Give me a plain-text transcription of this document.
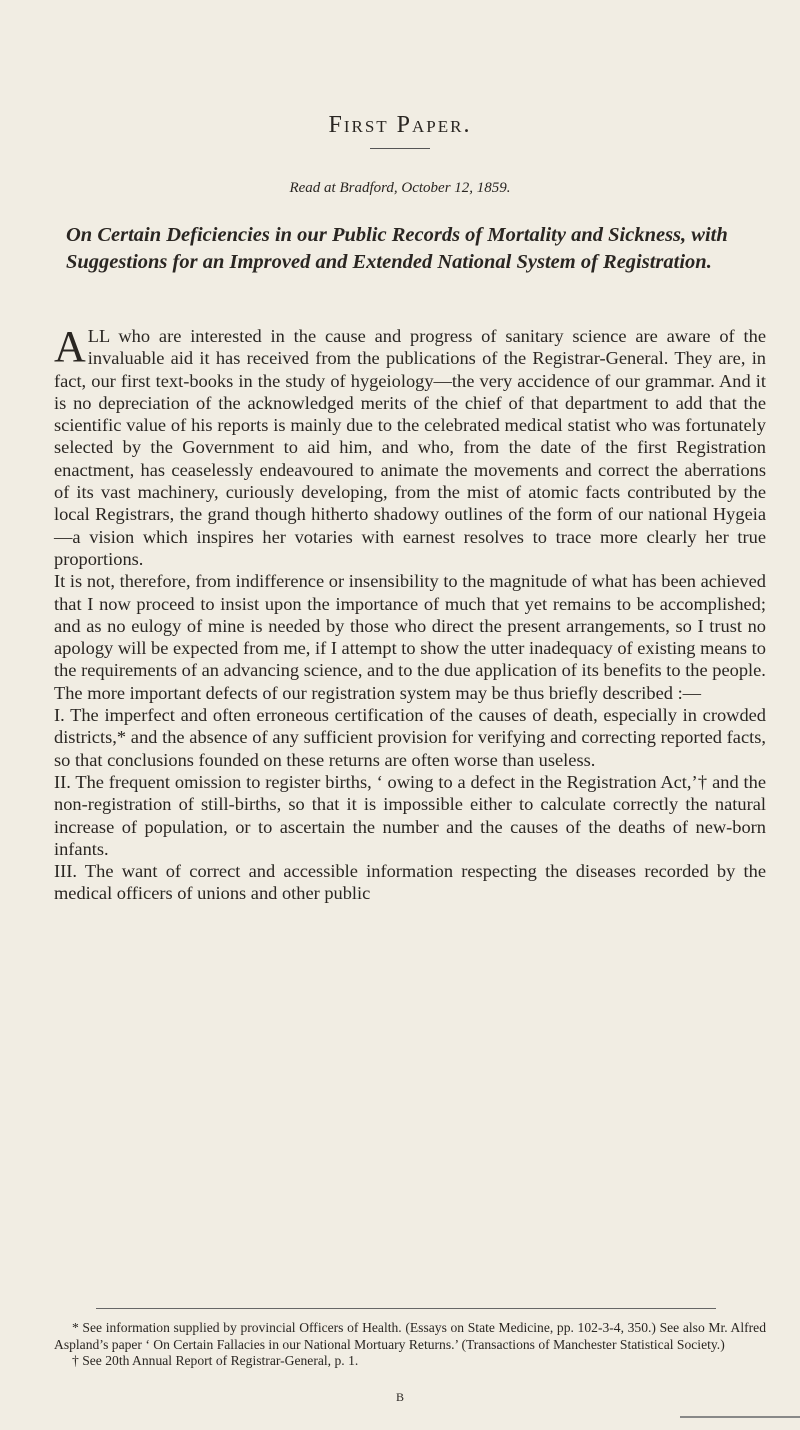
First Paper.
Read at Bradford, October 12, 1859.
On Certain Deficiencies in our Public Records of Mortality and Sickness, with Suggestions for an Improved and Extended National System of Registration.

ALL who are interested in the cause and progress of sanitary science are aware of the invaluable aid it has received from the publications of the Registrar-General. They are, in fact, our first text-books in the study of hygeiology—the very accidence of our grammar. And it is no depreciation of the acknowledged merits of the chief of that department to add that the scientific value of his reports is mainly due to the celebrated medical statist who was fortunately selected by the Government to aid him, and who, from the date of the first Registration enactment, has ceaselessly endeavoured to animate the movements and correct the aberrations of its vast machinery, curiously developing, from the mist of atomic facts contributed by the local Registrars, the grand though hitherto shadowy outlines of the form of our national Hygeia—a vision which inspires her votaries with earnest resolves to trace more clearly her true proportions.

It is not, therefore, from indifference or insensibility to the magnitude of what has been achieved that I now proceed to insist upon the importance of much that yet remains to be accomplished; and as no eulogy of mine is needed by those who direct the present arrangements, so I trust no apology will be expected from me, if I attempt to show the utter inadequacy of existing means to the requirements of an advancing science, and to the due application of its benefits to the people.

The more important defects of our registration system may be thus briefly described :—

I. The imperfect and often erroneous certification of the causes of death, especially in crowded districts,* and the absence of any sufficient provision for verifying and correcting reported facts, so that conclusions founded on these returns are often worse than useless.

II. The frequent omission to register births, ‘ owing to a defect in the Registration Act,’† and the non-registration of still-births, so that it is impossible either to calculate correctly the natural increase of population, or to ascertain the number and the causes of the deaths of new-born infants.

III. The want of correct and accessible information respecting the diseases recorded by the medical officers of unions and other public

* See information supplied by provincial Officers of Health. (Essays on State Medicine, pp. 102-3-4, 350.) See also Mr. Alfred Aspland’s paper ‘ On Certain Fallacies in our National Mortuary Returns.’ (Transactions of Manchester Statistical Society.)

† See 20th Annual Report of Registrar-General, p. 1.

B
